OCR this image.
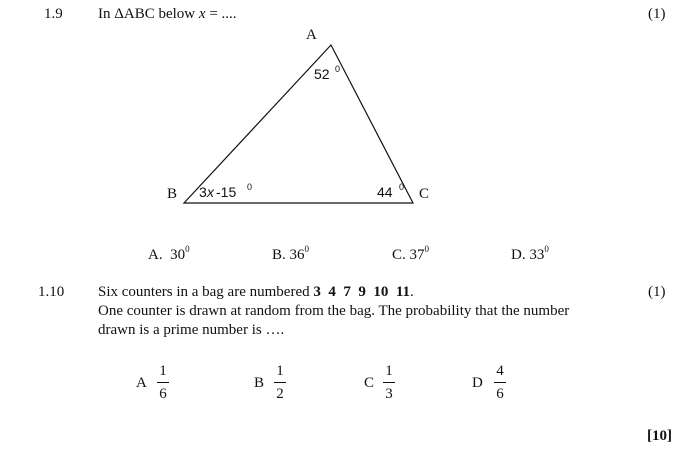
1.9 In ΔABC below x = ....	(1)
A
B	C
52 0
3 x -15 0	44 0
A. $30^0$	B. $36^0$	C. $37^0$	D. $33^0$
1.10 Six counters in a bag are numbered 3  4  7  9  10  11.	(1)
One counter is drawn at random from the bag. The probability that the number
drawn is a prime number is ….
A
1
6
B
1
2
C
1
3
D
4
6
[10]
